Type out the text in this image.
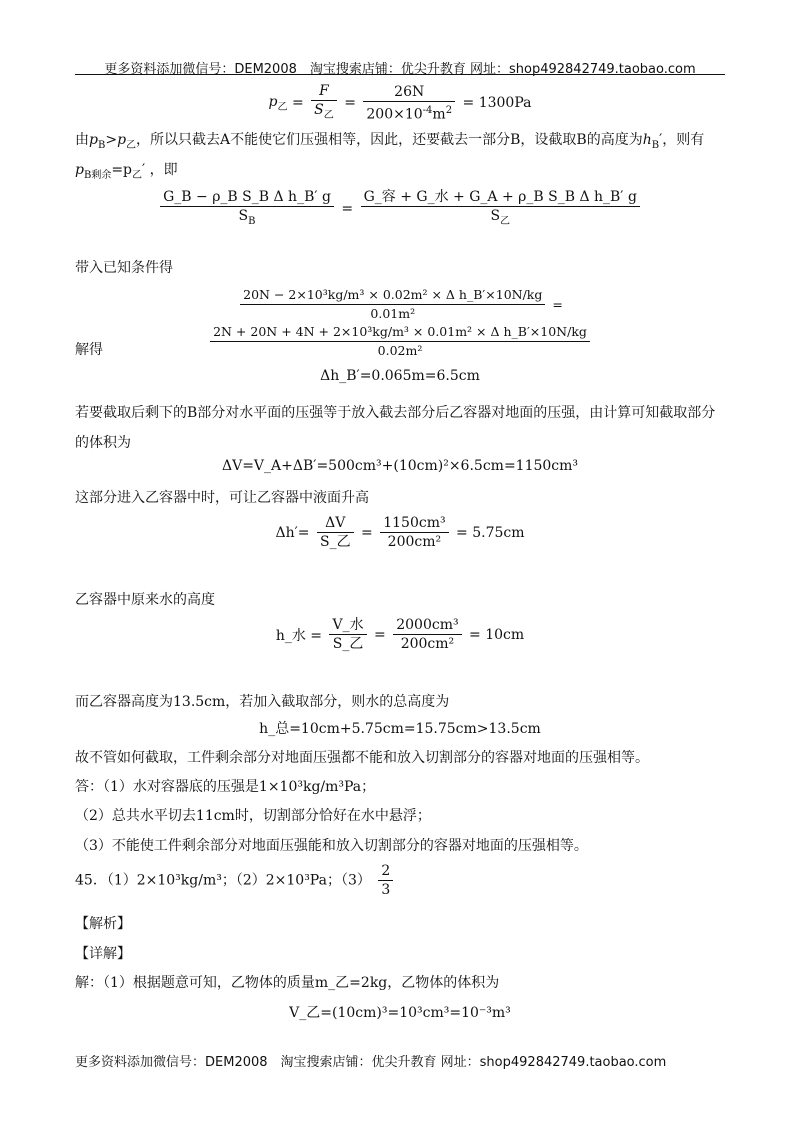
更多资料添加微信号：DEM2008　淘宝搜索店铺：优尖升教育 网址：shop492842749.taobao.com
$p_乙 = \frac{F}{S_乙} = \frac{26N}{200\times 10^{-4}m^2} = 1300Pa$
由$p_B>p_乙$，所以只截去A不能使它们压强相等，因此，还要截去一部分B，设截取B的高度为$h_B'$，则有
$p_{B剩余}=p_乙'$ ，即
$\frac{\text{G\_B − ρ\_B S\_B Δ h\_B′ g}}{S_B} = \frac{\text{G\_容 + G\_水 + G\_A + ρ\_B S\_B Δ h\_B′ g}}{S_乙}$
带入已知条件得
$\frac{\text{20N − 2×10³kg/m³ × 0.02m² × Δ h\_B′×10N/kg}}{\text{0.01m²}}$ =
$\frac{\text{2N + 20N + 4N + 2×10³kg/m³ × 0.01m² × Δ h\_B′×10N/kg}}{\text{0.02m²}}$
解得
Δh_B′=0.065m=6.5cm
若要截取后剩下的B部分对水平面的压强等于放入截去部分后乙容器对地面的压强，由计算可知截取部分的体积为
ΔV=V_A+ΔB′=500cm³+(10cm)²×6.5cm=1150cm³
这部分进入乙容器中时，可让乙容器中液面升高
$\Delta h'= \frac{\Delta V}{\text{S\_乙}} = \frac{\text{1150cm³}}{\text{200cm²}} = 5.75cm$
乙容器中原来水的高度
h_水 = $\frac{\text{V\_水}}{\text{S\_乙}} = \frac{\text{2000cm³}}{\text{200cm²}} = 10cm$
而乙容器高度为13.5cm，若加入截取部分，则水的总高度为
h_总=10cm+5.75cm=15.75cm>13.5cm
故不管如何截取，工件剩余部分对地面压强都不能和放入切割部分的容器对地面的压强相等。
答：（1）水对容器底的压强是1×10³kg/m³Pa；
（2）总共水平切去11cm时，切割部分恰好在水中悬浮；
（3）不能使工件剩余部分对地面压强能和放入切割部分的容器对地面的压强相等。
45．（1）2×10³kg/m³；（2）2×10³Pa；$(3) \frac{2}{3}$
【解析】
【详解】
解：（1）根据题意可知，乙物体的质量m_乙=2kg，乙物体的体积为
V_乙=(10cm)³=10³cm³=10⁻³m³
更多资料添加微信号：DEM2008　淘宝搜索店铺：优尖升教育 网址：shop492842749.taobao.com
